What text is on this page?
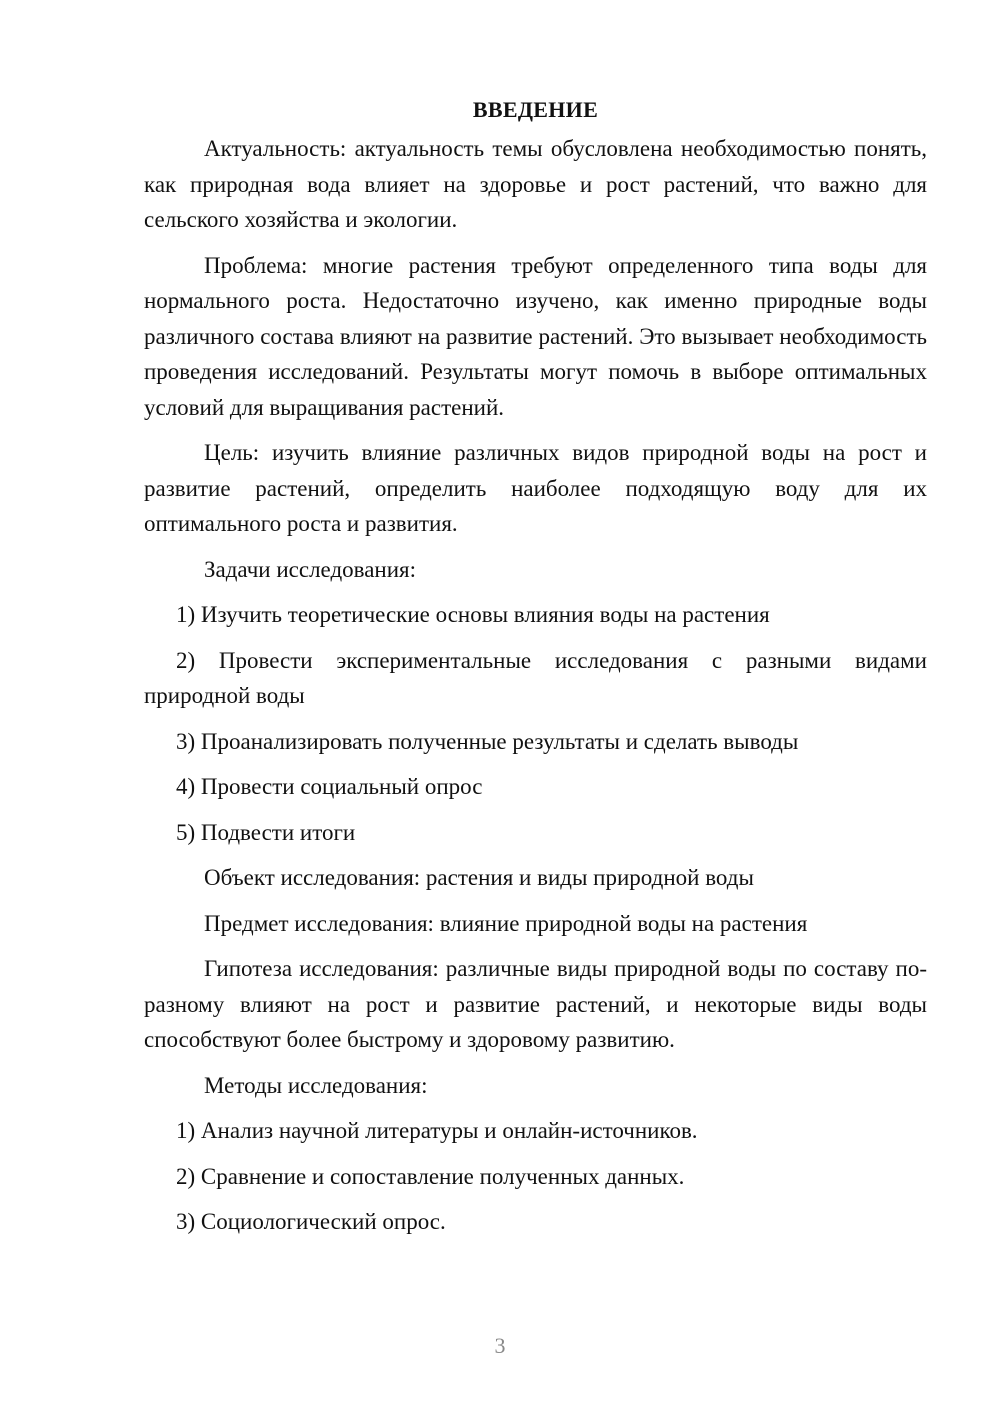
ВВЕДЕНИЕ

Актуальность: актуальность темы обусловлена необходимостью понять, как природная вода влияет на здоровье и рост растений, что важно для сельского хозяйства и экологии.

Проблема: многие растения требуют определенного типа воды для нормального роста. Недостаточно изучено, как именно природные воды различного состава влияют на развитие растений. Это вызывает необходимость проведения исследований. Результаты могут помочь в выборе оптимальных условий для выращивания растений.

Цель: изучить влияние различных видов природной воды на рост и развитие растений, определить наиболее подходящую воду для их оптимального роста и развития.

Задачи исследования:

1) Изучить теоретические основы влияния воды на растения

2) Провести экспериментальные исследования с разными видами природной воды

3) Проанализировать полученные результаты и сделать выводы

4) Провести социальный опрос

5) Подвести итоги

Объект исследования: растения и виды природной воды

Предмет исследования: влияние природной воды на растения

Гипотеза исследования: различные виды природной воды по составу по-разному влияют на рост и развитие растений, и некоторые виды воды способствуют более быстрому и здоровому развитию.

Методы исследования:

1) Анализ научной литературы и онлайн-источников.

2) Сравнение и сопоставление полученных данных.

3) Социологический опрос.

3
